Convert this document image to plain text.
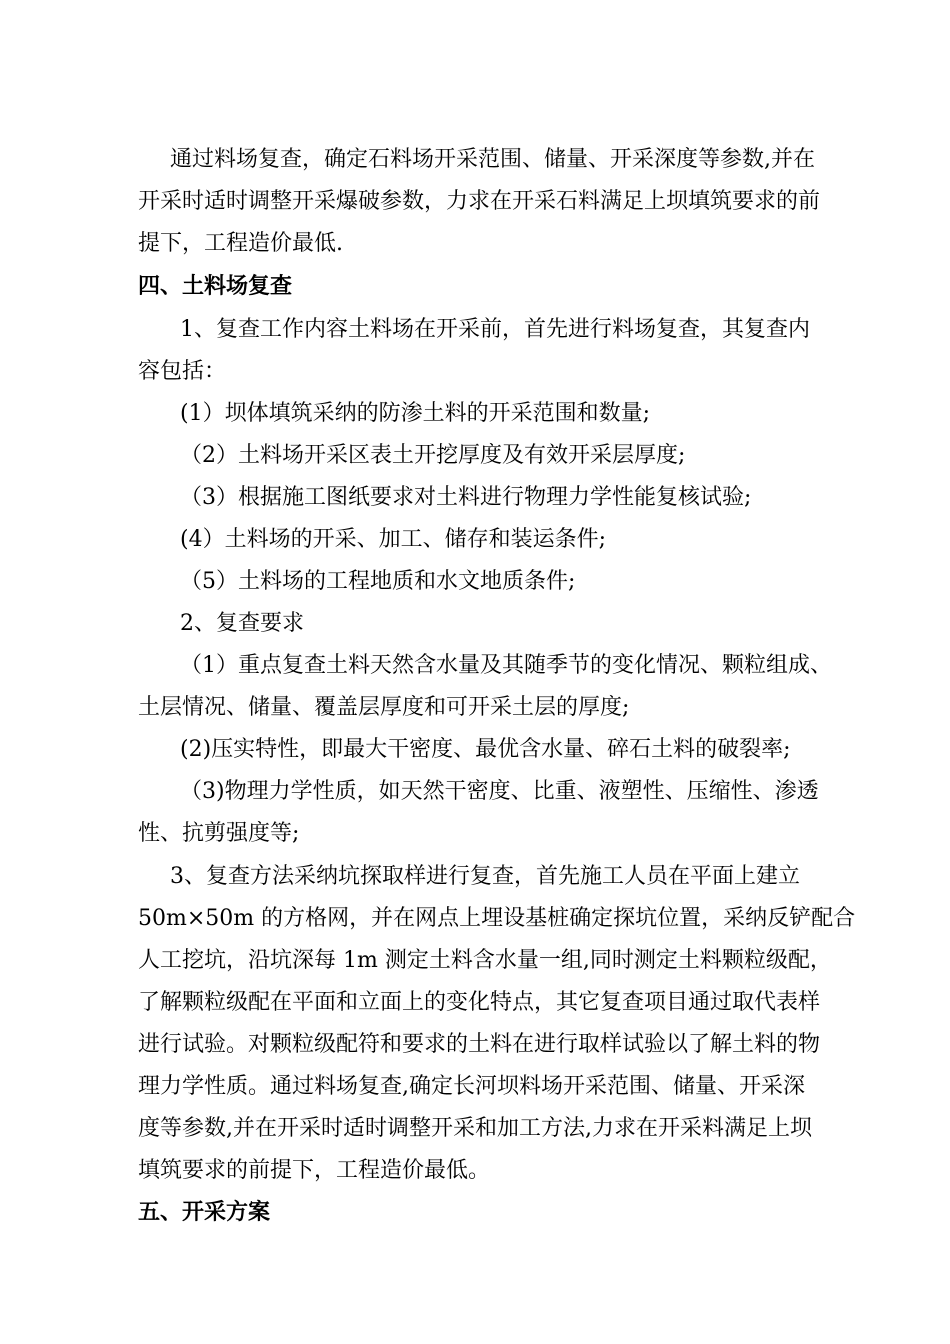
通过料场复查，确定石料场开采范围、储量、开采深度等参数,并在
开采时适时调整开采爆破参数，力求在开采石料满足上坝填筑要求的前
提下，工程造价最低.
四、土料场复查
1、复查工作内容土料场在开采前，首先进行料场复查，其复查内
容包括：
(1）坝体填筑采纳的防渗土料的开采范围和数量;
（2）土料场开采区表土开挖厚度及有效开采层厚度;
（3）根据施工图纸要求对土料进行物理力学性能复核试验;
(4）土料场的开采、加工、储存和装运条件;
（5）土料场的工程地质和水文地质条件;
2、复查要求
（1）重点复查土料天然含水量及其随季节的变化情况、颗粒组成、
土层情况、储量、覆盖层厚度和可开采土层的厚度;
(2)压实特性，即最大干密度、最优含水量、碎石土料的破裂率;
（3)物理力学性质，如天然干密度、比重、液塑性、压缩性、渗透
性、抗剪强度等;
3、复查方法采纳坑探取样进行复查，首先施工人员在平面上建立
50m×50m 的方格网，并在网点上埋设基桩确定探坑位置，采纳反铲配合
人工挖坑，沿坑深每 1m 测定土料含水量一组,同时测定土料颗粒级配，
了解颗粒级配在平面和立面上的变化特点，其它复查项目通过取代表样
进行试验。对颗粒级配符和要求的土料在进行取样试验以了解土料的物
理力学性质。通过料场复查,确定长河坝料场开采范围、储量、开采深
度等参数,并在开采时适时调整开采和加工方法,力求在开采料满足上坝
填筑要求的前提下，工程造价最低。
五、开采方案
